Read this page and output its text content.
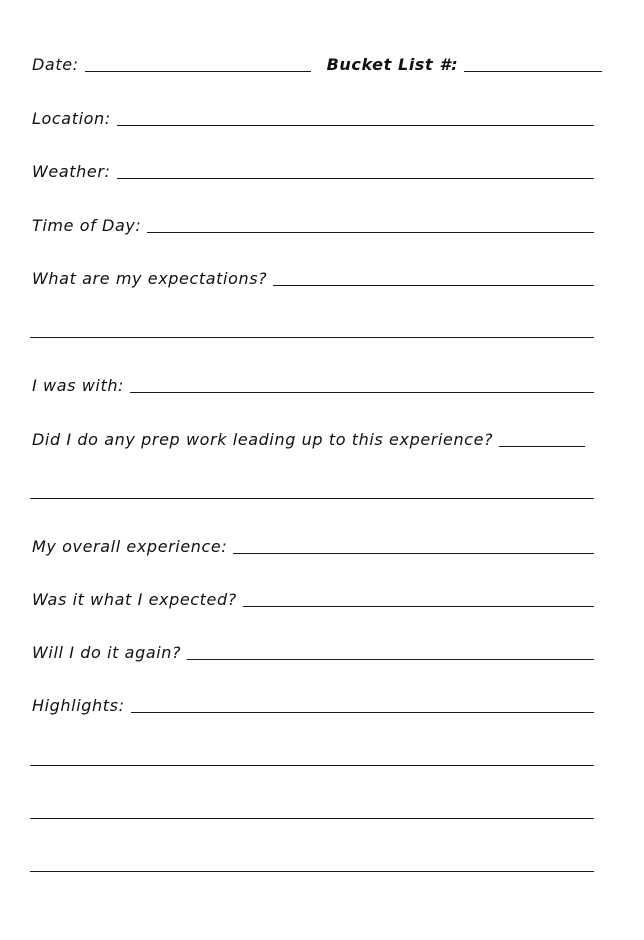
Date:	Bucket List #:
Location:
Weather:
Time of Day:
What are my expectations?
I was with:
Did I do any prep work leading up to this experience?
My overall experience:
Was it what I expected?
Will I do it again?
Highlights:
